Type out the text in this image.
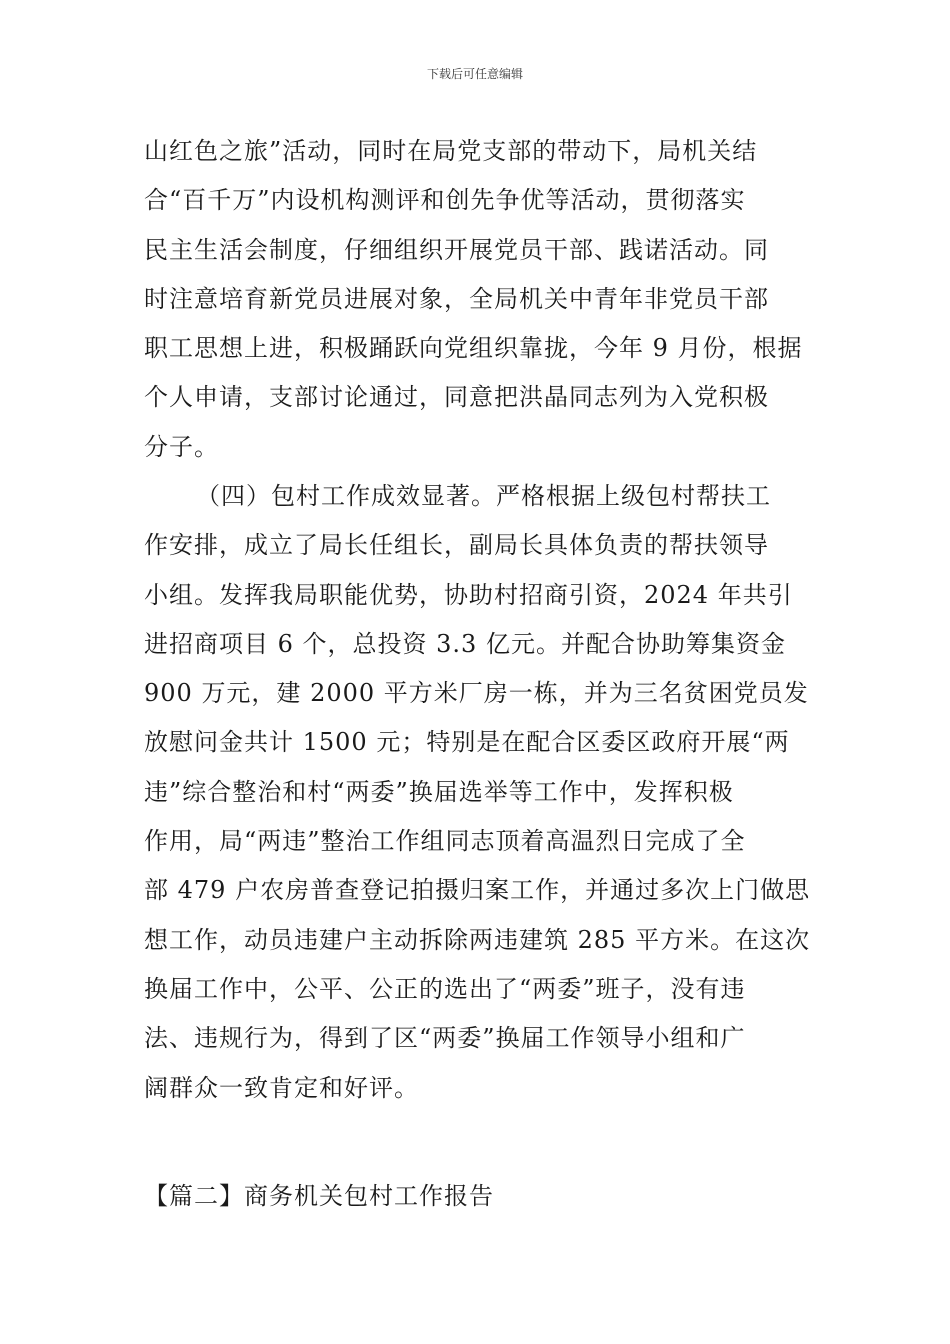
下载后可任意编辑
山红色之旅”活动，同时在局党支部的带动下，局机关结
合“百千万”内设机构测评和创先争优等活动，贯彻落实
民主生活会制度，仔细组织开展党员干部、践诺活动。同
时注意培育新党员进展对象，全局机关中青年非党员干部
职工思想上进，积极踊跃向党组织靠拢，今年 9 月份，根据
个人申请，支部讨论通过，同意把洪晶同志列为入党积极
分子。
（四）包村工作成效显著。严格根据上级包村帮扶工
作安排，成立了局长任组长，副局长具体负责的帮扶领导
小组。发挥我局职能优势，协助村招商引资，2024 年共引
进招商项目 6 个，总投资 3.3 亿元。并配合协助筹集资金
900 万元，建 2000 平方米厂房一栋，并为三名贫困党员发
放慰问金共计 1500 元；特别是在配合区委区政府开展“两
违”综合整治和村“两委”换届选举等工作中，发挥积极
作用，局“两违”整治工作组同志顶着高温烈日完成了全
部 479 户农房普查登记拍摄归案工作，并通过多次上门做思
想工作，动员违建户主动拆除两违建筑 285 平方米。在这次
换届工作中，公平、公正的选出了“两委”班子，没有违
法、违规行为，得到了区“两委”换届工作领导小组和广
阔群众一致肯定和好评。
【篇二】商务机关包村工作报告
